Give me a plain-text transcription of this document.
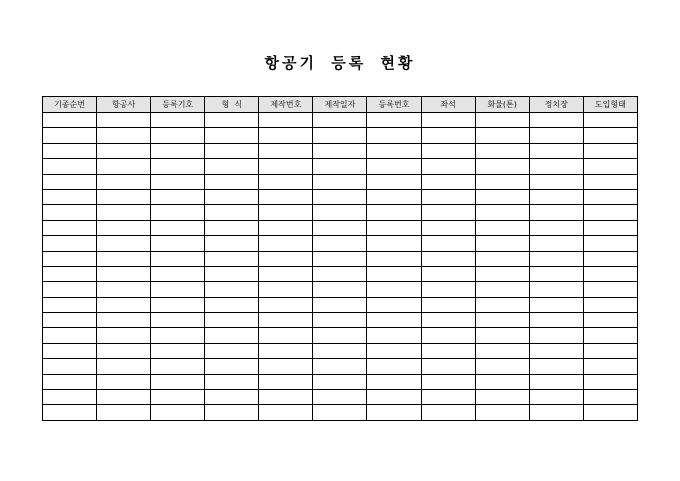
항공기 등록 현황
기종순번	항공사	등록기호	형  식	제작번호	제작일자	등록번호	좌석	화물(톤)	정치장	도입형태
